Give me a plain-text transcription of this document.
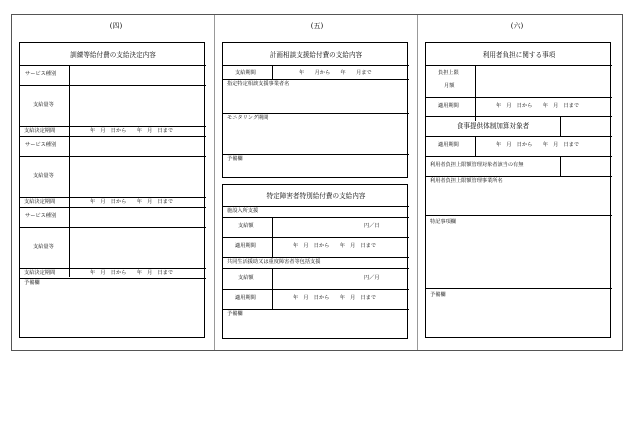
(四)	(五)	(六)
訓練等給付費の支給決定内容
サービス種別
支給量等
支給決定期間	年　月　日から　　年　月　日まで
サービス種別
支給量等
支給決定期間	年　月　日から　　年　月　日まで
サービス種別
支給量等
支給決定期間	年　月　日から　　年　月　日まで
予備欄
計画相談支援給付費の支給内容
支給期間	年　　月から　　年　　月まで
指定特定相談支援事業者名
モニタリング期間
予備欄
特定障害者特別給付費の支給内容
施設入所支援
支給額	円／日
適用期間	年　月　日から　　年　月　日まで
共同生活援助又は重度障害者等包括支援
支給額	円／月
適用期間	年　月　日から　　年　月　日まで
予備欄
利用者負担に関する事項
負担上限
月額
適用期間	年　月　日から　　年　月　日まで
食事提供体制加算対象者
適用期間	年　月　日から　　年　月　日まで
利用者負担上限額管理対象者該当の有無
利用者負担上限額管理事業所名
特記事項欄
予備欄
